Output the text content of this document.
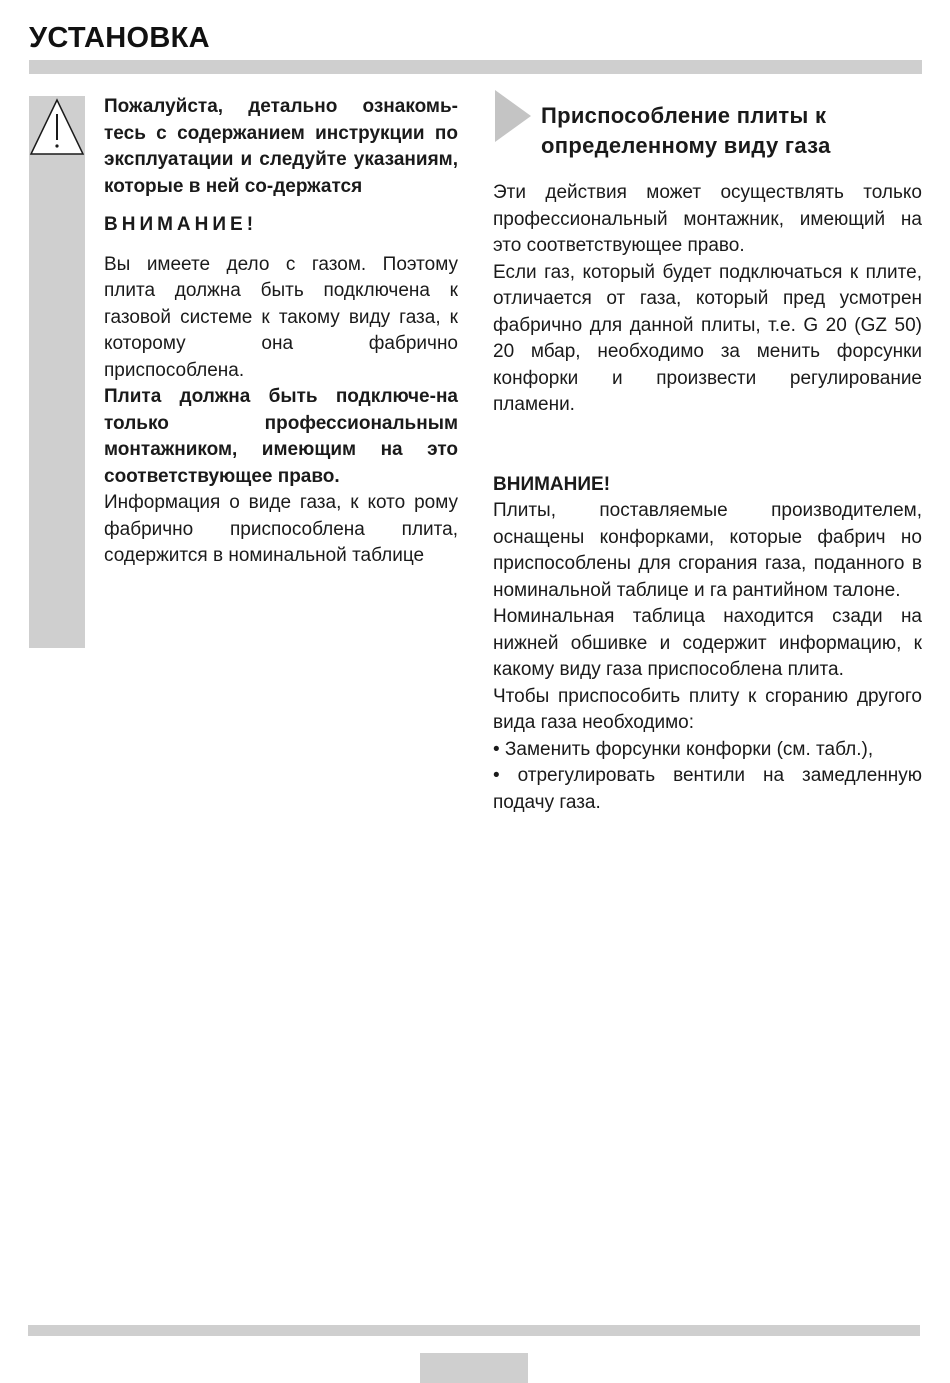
УСТАНОВКА

Пожалуйста, детально ознакомь-тесь с содержанием инструкции по эксплуатации и следуйте указаниям, которые в ней со-держатся

ВНИМАНИЕ!

Вы имеете дело с газом. Поэтому плита должна быть подключена к газовой системе к такому виду газа, к которому она фабрично приспособлена.

Плита должна быть подключе-на только профессиональным монтажником, имеющим на это соответствующее право.

Информация о виде газа, к кото рому фабрично приспособлена плита, содержится в номинальной таблице

Приспособление плиты к определенному виду газа

Эти действия может осуществлять только профессиональный монтажник, имеющий на это соответствующее право.

Если газ, который будет подключаться к плите, отличается от газа, который пред усмотрен фабрично для данной плиты, т.е. G 20 (GZ 50) 20 мбар, необходимо за менить форсунки конфорки и произвести регулирование пламени.

ВНИМАНИЕ!

Плиты, поставляемые производителем, оснащены конфорками, которые фабрич но приспособлены для сгорания газа, поданного в номинальной таблице и га рантийном талоне.

Номинальная таблица находится сзади на нижней обшивке и содержит информацию, к какому виду газа приспособлена плита.

Чтобы приспособить плиту к сгоранию другого вида газа необходимо:

• Заменить форсунки конфорки (см. табл.),

• отрегулировать вентили на замедленную подачу газа.
